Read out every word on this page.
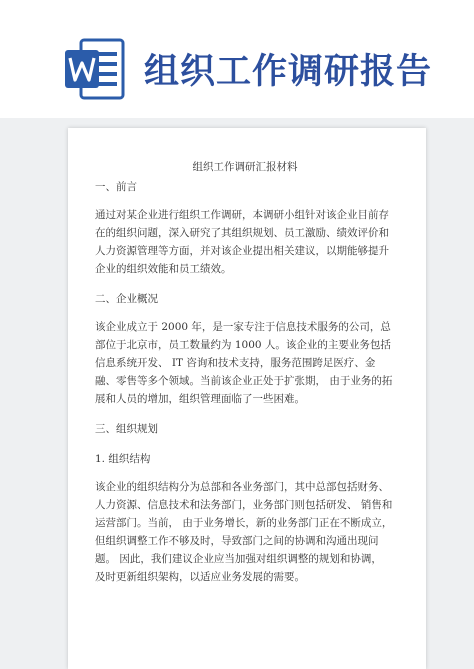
组织工作调研报告
组织工作调研汇报材料
一、前言
通过对某企业进行组织工作调研，本调研小组针对该企业目前存在的组织问题，深入研究了其组织规划、员工激励、绩效评价和人力资源管理等方面，并对该企业提出相关建议，以期能够提升企业的组织效能和员工绩效。
二、企业概况
该企业成立于 2000 年，是一家专注于信息技术服务的公司，总部位于北京市，员工数量约为 1000 人。该企业的主要业务包括信息系统开发、 IT 咨询和技术支持，服务范围跨足医疗、金融、零售等多个领域。当前该企业正处于扩张期， 由于业务的拓展和人员的增加，组织管理面临了一些困难。
三、组织规划
1. 组织结构
该企业的组织结构分为总部和各业务部门，其中总部包括财务、人力资源、信息技术和法务部门，业务部门则包括研发、 销售和运营部门。当前， 由于业务增长，新的业务部门正在不断成立， 但组织调整工作不够及时，导致部门之间的协调和沟通出现问题。 因此，我们建议企业应当加强对组织调整的规划和协调， 及时更新组织架构，以适应业务发展的需要。
